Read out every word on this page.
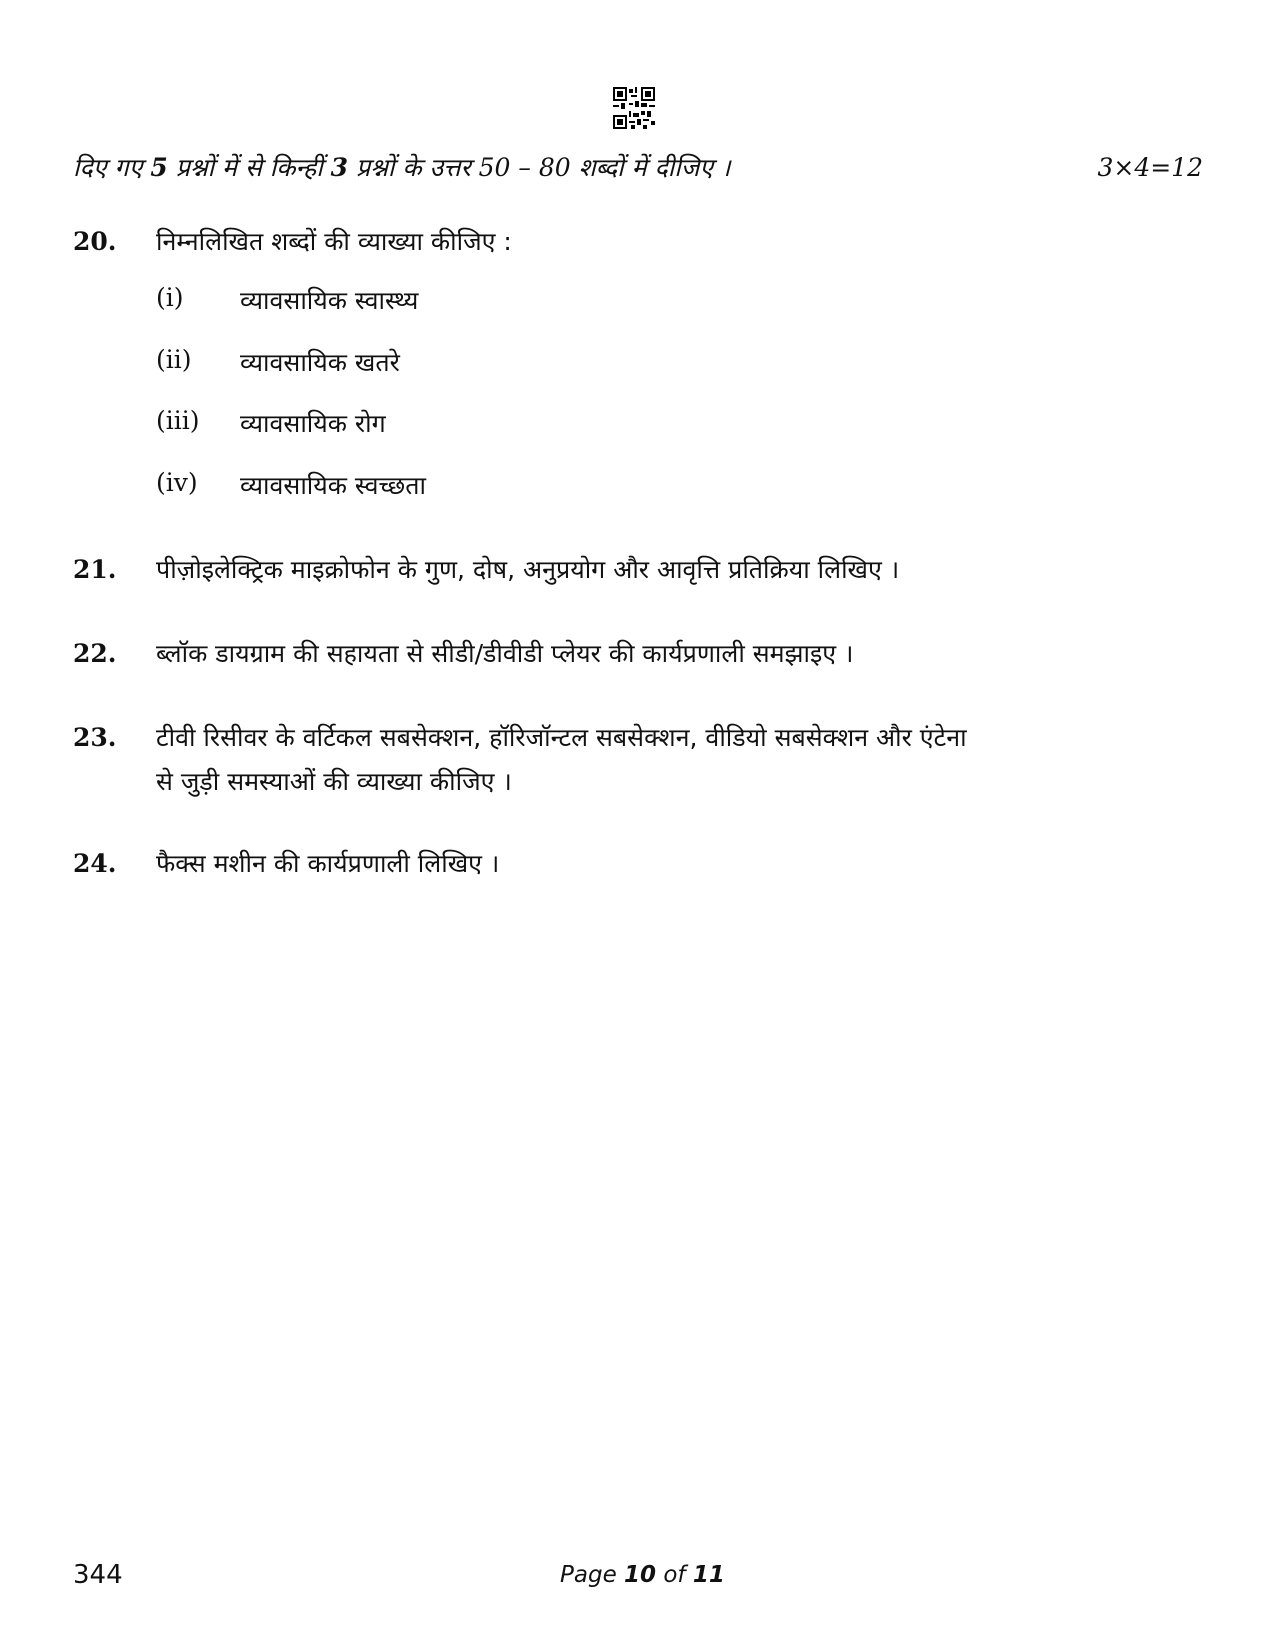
दिए गए 5 प्रश्नों में से किन्हीं 3 प्रश्नों के उत्तर 50 – 80 शब्दों में दीजिए ।	3×4=12
20.	निम्नलिखित शब्दों की व्याख्या कीजिए :
(i) व्यावसायिक स्वास्थ्य
(ii) व्यावसायिक खतरे
(iii) व्यावसायिक रोग
(iv) व्यावसायिक स्वच्छता
21.	पीज़ोइलेक्ट्रिक माइक्रोफोन के गुण, दोष, अनुप्रयोग और आवृत्ति प्रतिक्रिया लिखिए ।
22.	ब्लॉक डायग्राम की सहायता से सीडी/डीवीडी प्लेयर की कार्यप्रणाली समझाइए ।
23.	टीवी रिसीवर के वर्टिकल सबसेक्शन, हॉरिजॉन्टल सबसेक्शन, वीडियो सबसेक्शन और एंटेना
से जुड़ी समस्याओं की व्याख्या कीजिए ।
24.	फैक्स मशीन की कार्यप्रणाली लिखिए ।
344	Page 10 of 11
